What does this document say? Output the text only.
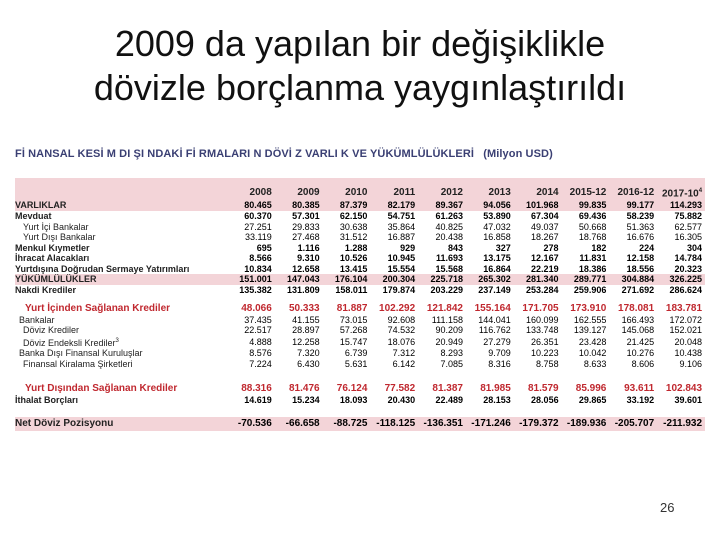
2009 da yapılan bir değişiklikle
dövizle borçlanma yaygınlaştırıldı
Fİ NANSAL KESİ M DI ŞI NDAKİ Fİ RMALARI N DÖVİ Z VARLI K VE YÜKÜMLÜLÜKLERİ (Milyon USD)

	2008	2009	2010	2011	2012	2013	2014	2015-12	2016-12	$2017-10^4$
VARLIKLAR	80.465	80.385	87.379	82.179	89.367	94.056	101.968	99.835	99.177	114.293
Mevduat	60.370	57.301	62.150	54.751	61.263	53.890	67.304	69.436	58.239	75.882
Yurt İçi Bankalar	27.251	29.833	30.638	35.864	40.825	47.032	49.037	50.668	51.363	62.577
Yurt Dışı Bankalar	33.119	27.468	31.512	16.887	20.438	16.858	18.267	18.768	16.676	16.305
Menkul Kıymetler	695	1.116	1.288	929	843	327	278	182	224	304
İhracat Alacakları	8.566	9.310	10.526	10.945	11.693	13.175	12.167	11.831	12.158	14.784
Yurtdışına Doğrudan Sermaye Yatırımları	10.834	12.658	13.415	15.554	15.568	16.864	22.219	18.386	18.556	20.323
YÜKÜMLÜLÜKLER	151.001	147.043	176.104	200.304	225.718	265.302	281.340	289.771	304.884	326.225
Nakdi Krediler	135.382	131.809	158.011	179.874	203.229	237.149	253.284	259.906	271.692	286.624

Yurt İçinden Sağlanan Krediler	48.066	50.333	81.887	102.292	121.842	155.164	171.705	173.910	178.081	183.781
Bankalar	37.435	41.155	73.015	92.608	111.158	144.041	160.099	162.555	166.493	172.072
Döviz Krediler	22.517	28.897	57.268	74.532	90.209	116.762	133.748	139.127	145.068	152.021
Döviz Endeksli Krediler$^3$	4.888	12.258	15.747	18.076	20.949	27.279	26.351	23.428	21.425	20.048
Banka Dışı Finansal Kuruluşlar	8.576	7.320	6.739	7.312	8.293	9.709	10.223	10.042	10.276	10.438
Finansal Kiralama Şirketleri	7.224	6.430	5.631	6.142	7.085	8.316	8.758	8.633	8.606	9.106

Yurt Dışından Sağlanan Krediler	88.316	81.476	76.124	77.582	81.387	81.985	81.579	85.996	93.611	102.843
İthalat Borçları	14.619	15.234	18.093	20.430	22.489	28.153	28.056	29.865	33.192	39.601

Net Döviz Pozisyonu	-70.536	-66.658	-88.725	-118.125	-136.351	-171.246	-179.372	-189.936	-205.707	-211.932
26
